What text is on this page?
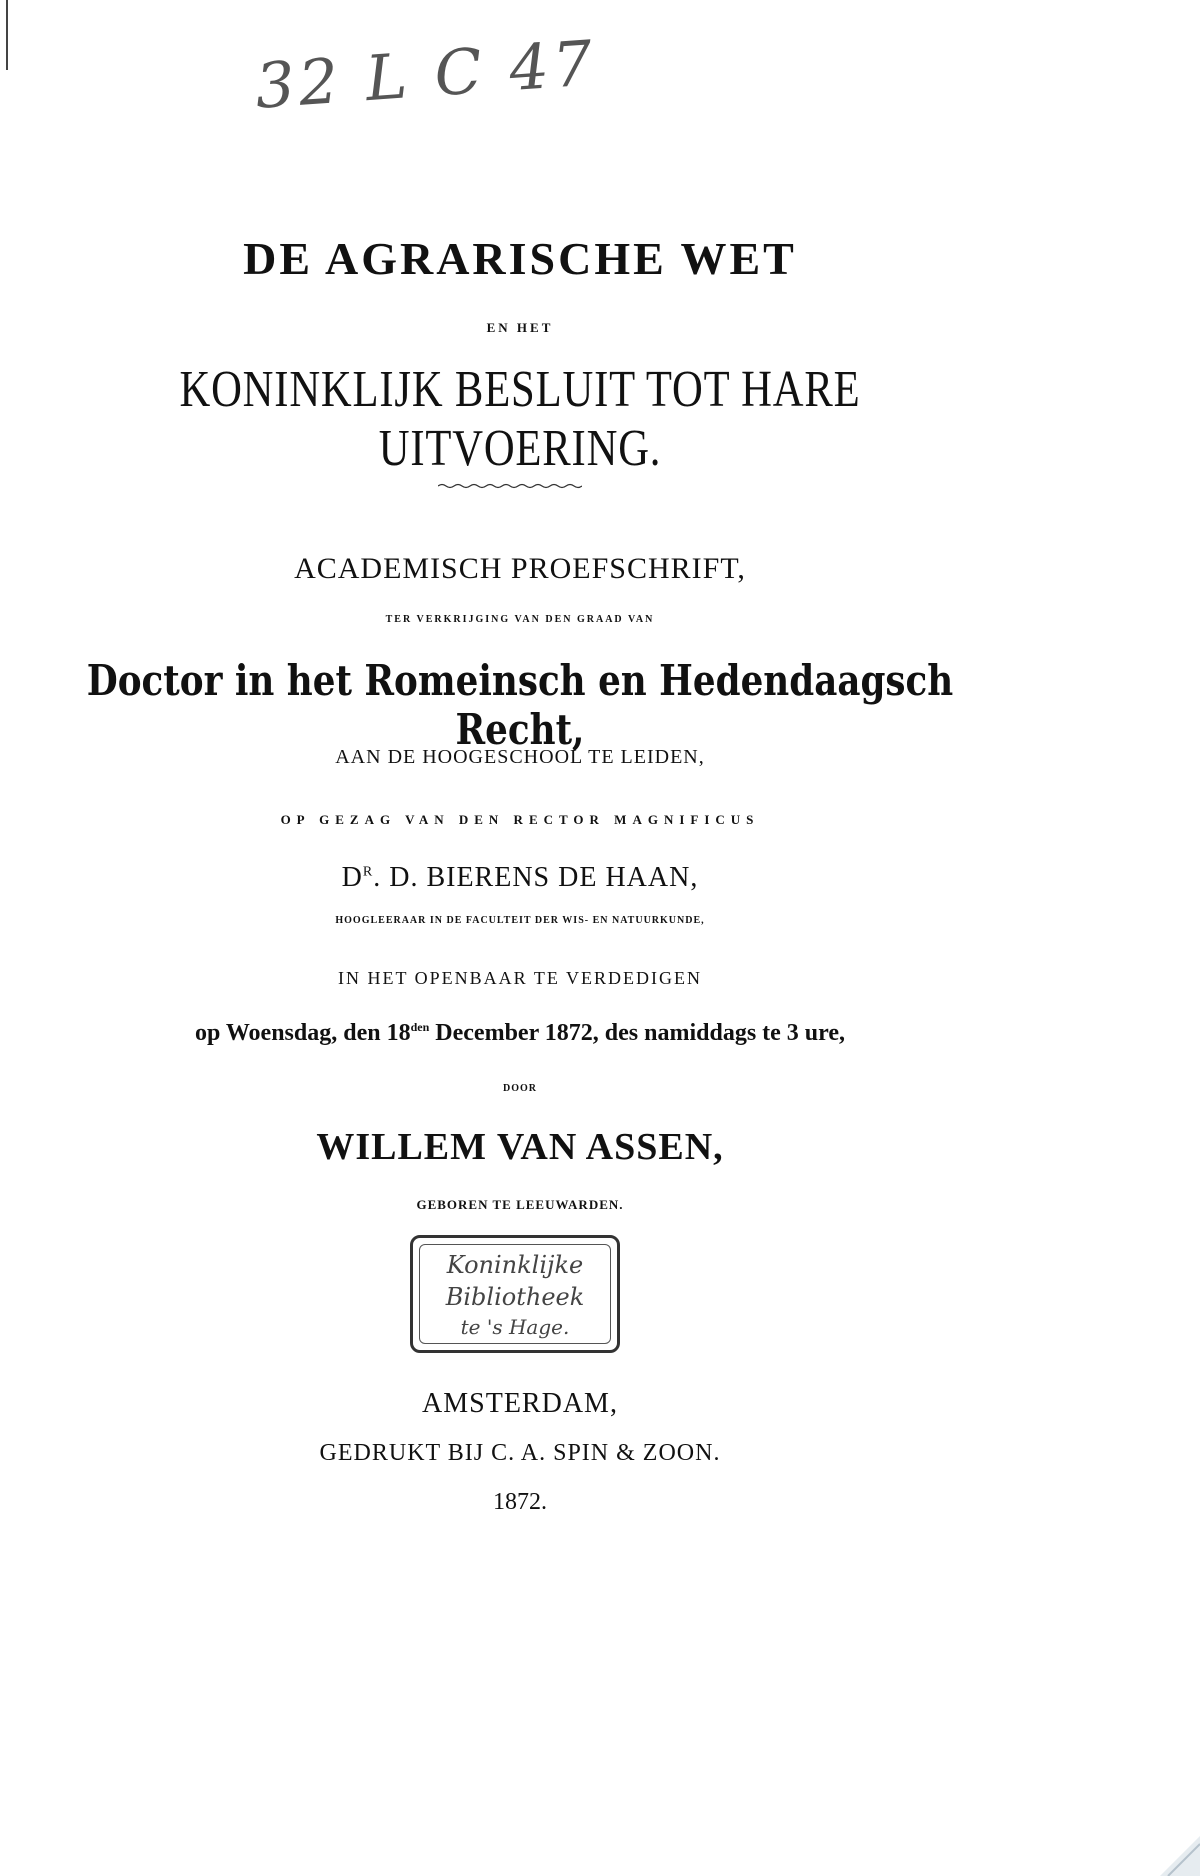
32 L C 47
DE AGRARISCHE WET
EN HET
KONINKLIJK BESLUIT TOT HARE UITVOERING.
ACADEMISCH PROEFSCHRIFT,
TER VERKRIJGING VAN DEN GRAAD VAN
Doctor in het Romeinsch en Hedendaagsch Recht,
AAN DE HOOGESCHOOL TE LEIDEN,
OP GEZAG VAN DEN RECTOR MAGNIFICUS
$D^R$. D. BIERENS DE HAAN,
HOOGLEERAAR IN DE FACULTEIT DER WIS- EN NATUURKUNDE,
IN HET OPENBAAR TE VERDEDIGEN
op Woensdag, den $18^{den}$ December 1872, des namiddags te 3 ure,
DOOR
WILLEM VAN ASSEN,
GEBOREN TE LEEUWARDEN.
Koninklijke
Bibliotheek
te 's Hage.
AMSTERDAM,
GEDRUKT BIJ C. A. SPIN & ZOON.
1872.
